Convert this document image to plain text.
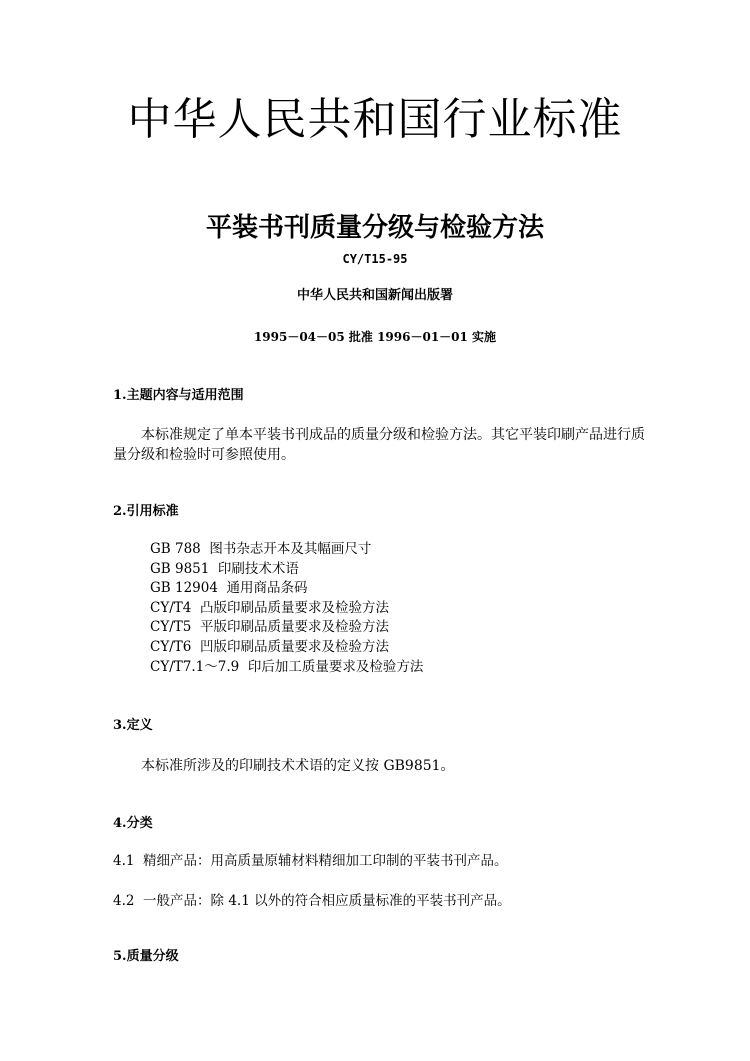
中华人民共和国行业标准
平装书刊质量分级与检验方法
CY/T15-95
中华人民共和国新闻出版署
1995－04－05 批准 1996－01－01 实施
1.主题内容与适用范围
本标准规定了单本平装书刊成品的质量分级和检验方法。其它平装印刷产品进行质量分级和检验时可参照使用。
2.引用标准
GB 788  图书杂志开本及其幅画尺寸
GB 9851  印刷技术术语
GB 12904  通用商品条码
CY/T4  凸版印刷品质量要求及检验方法
CY/T5  平版印刷品质量要求及检验方法
CY/T6  凹版印刷品质量要求及检验方法
CY/T7.1～7.9  印后加工质量要求及检验方法
3.定义
本标准所涉及的印刷技术术语的定义按 GB9851。
4.分类
4.1  精细产品：用高质量原辅材料精细加工印制的平装书刊产品。
4.2  一般产品：除 4.1 以外的符合相应质量标准的平装书刊产品。
5.质量分级
